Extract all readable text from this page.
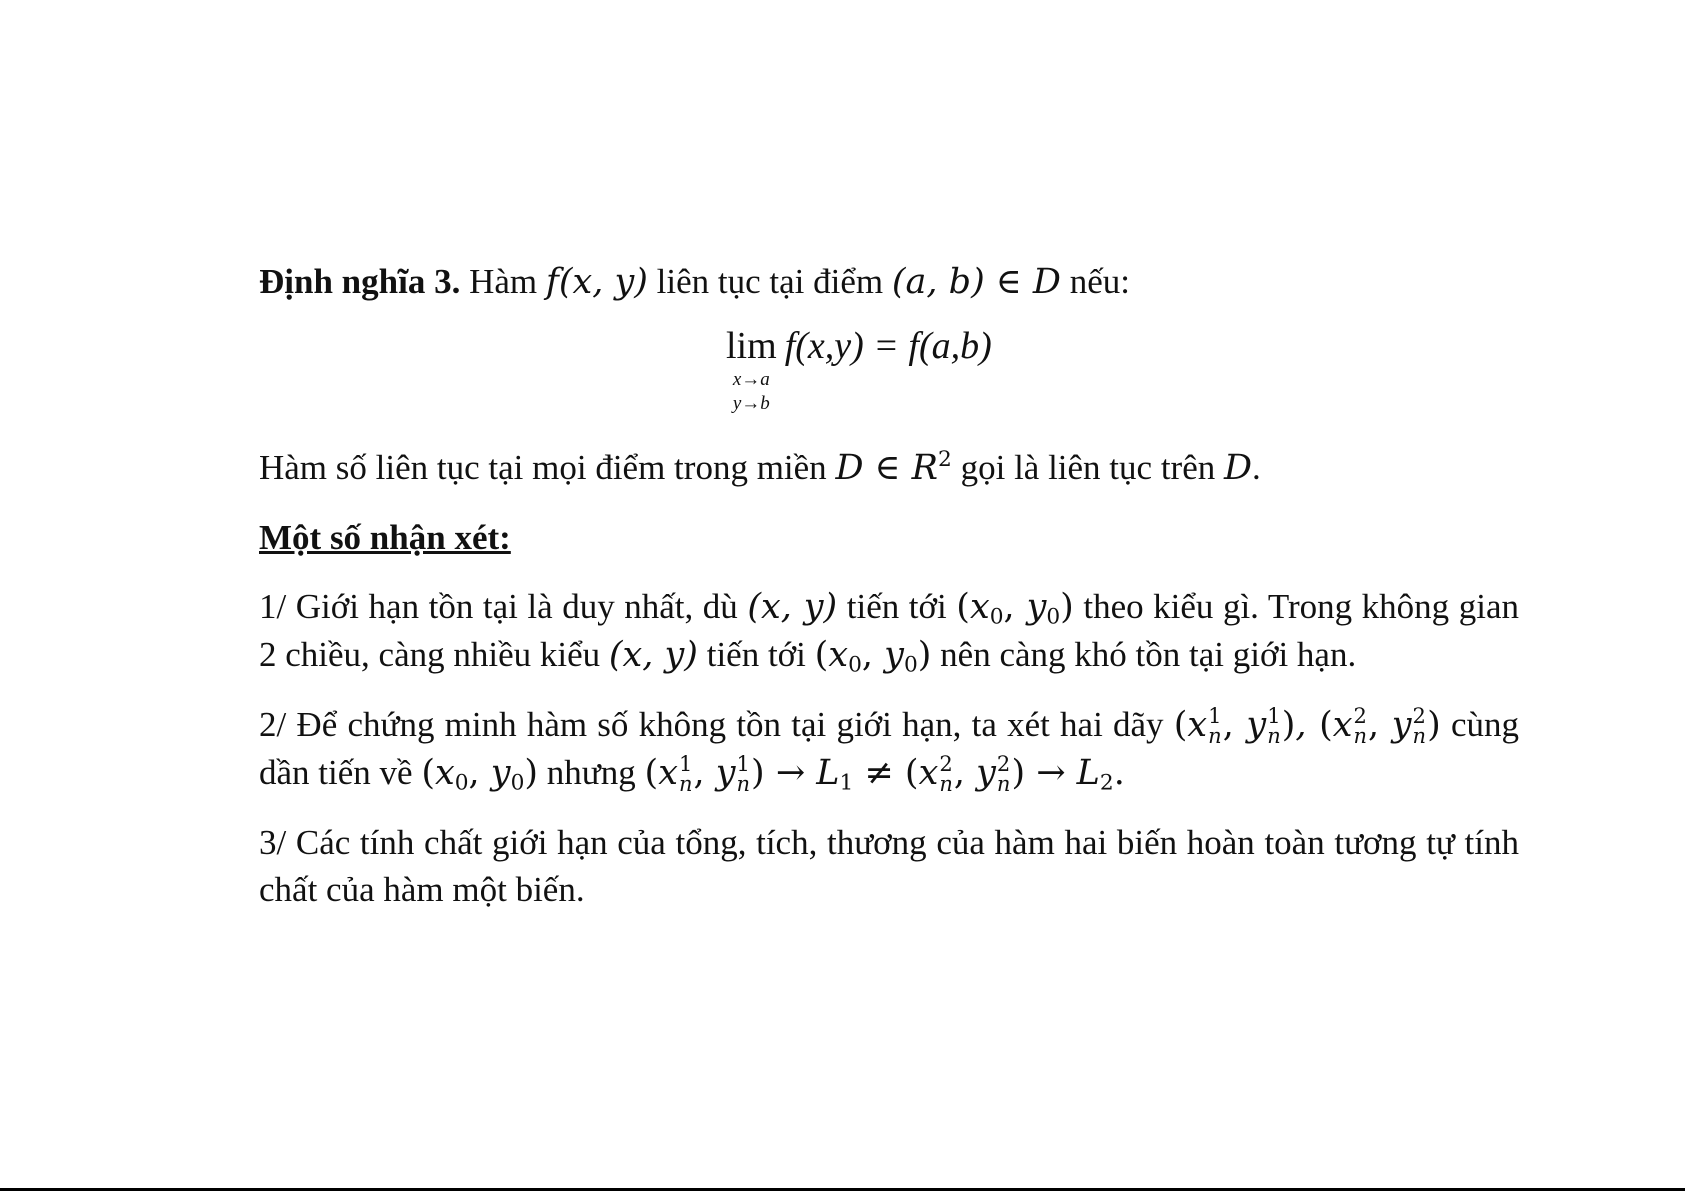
Định nghĩa 3. Hàm f(x, y) liên tục tại điểm (a, b) ∈ D nếu:

lim
x→a
y→b
f(x,y) = f(a,b)

Hàm số liên tục tại mọi điểm trong miền D ∈ $R^2$ gọi là liên tục trên D.

Một số nhận xét:

1/ Giới hạn tồn tại là duy nhất, dù (x, y) tiến tới ($x_0$, $y_0$) theo kiểu gì. Trong không gian 2 chiều, càng nhiều kiểu (x, y) tiến tới ($x_0$, $y_0$) nên càng khó tồn tại giới hạn.

2/ Để chứng minh hàm số không tồn tại giới hạn, ta xét hai dãy (x 1
n , y 1
n ), (x 2
n , y 2
n ) cùng dần tiến về ($x_0$, $y_0$) nhưng (x 1
n , y 1
n ) → $L_1 \ne (x$ 2
n , y 2
n ) → $L_2$.

3/ Các tính chất giới hạn của tổng, tích, thương của hàm hai biến hoàn toàn tương tự tính chất của hàm một biến.
